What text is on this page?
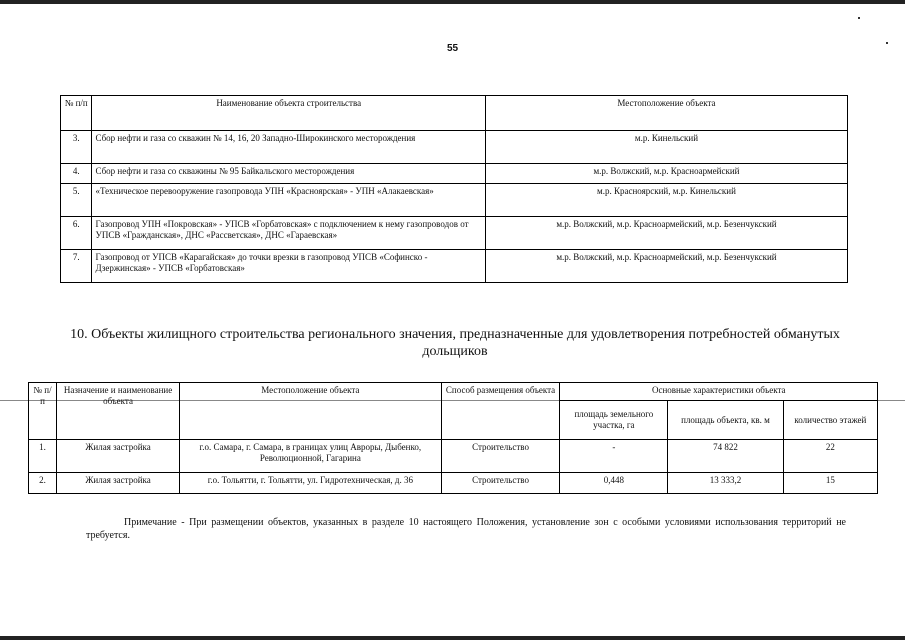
55
№ п/п	Наименование объекта строительства	Местоположение объекта
3.	Сбор нефти и газа со скважин № 14, 16, 20 Западно-Широкинского месторождения	м.р. Кинельский
4.	Сбор нефти и газа со скважины № 95 Байкальского месторождения	м.р. Волжский, м.р. Красноармейский
5.	«Техническое перевооружение газопровода УПН «Красноярская» - УПН «Алакаевская»	м.р. Красноярский, м.р. Кинельский
6.	Газопровод УПН «Покровская» - УПСВ «Горбатовская» с подключением к нему газопроводов от УПСВ «Гражданская», ДНС «Рассветская», ДНС «Гараевская»	м.р. Волжский, м.р. Красноармейский, м.р. Безенчукский
7.	Газопровод от УПСВ «Карагайская» до точки врезки в газопровод УПСВ «Софинско - Дзержинская» - УПСВ «Горбатовская»	м.р. Волжский, м.р. Красноармейский, м.р. Безенчукский
10. Объекты жилищного строительства регионального значения, предназначенные для удовлетворения потребностей обманутых дольщиков
№ п/п	Назначение и наименование объекта	Местоположение объекта	Способ размещения объекта	Основные характеристики объекта		
				площадь земельного участка, га	площадь объекта, кв. м	количество этажей
1.	Жилая застройка	г.о. Самара, г. Самара, в границах улиц Авроры, Дыбенко, Революционной, Гагарина	Строительство	-	74 822	22
2.	Жилая застройка	г.о. Тольятти, г. Тольятти, ул. Гидротехническая, д. 36	Строительство	0,448	13 333,2	15
Примечание - При размещении объектов, указанных в разделе 10 настоящего Положения, установление зон с особыми условиями использования территорий не требуется.
